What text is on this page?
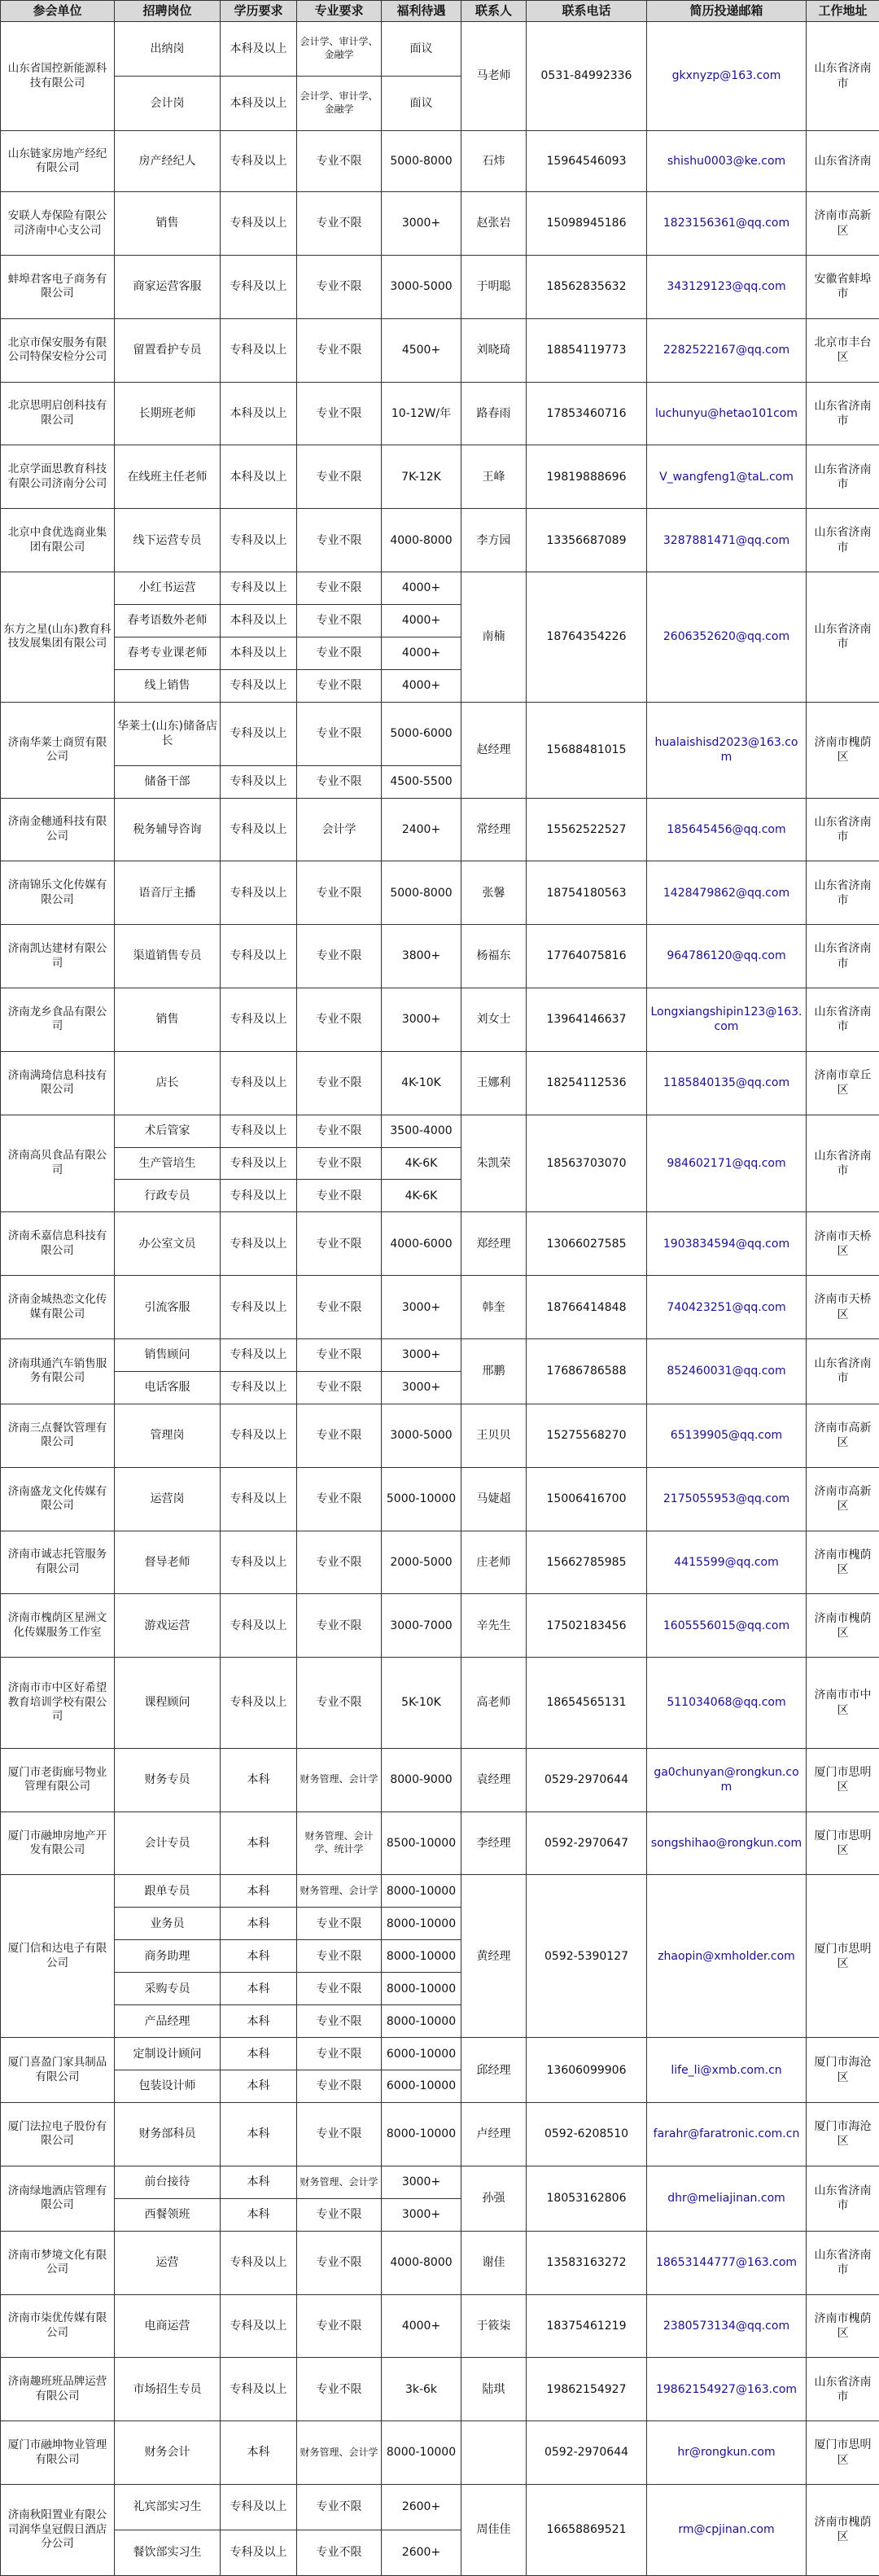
参会单位	招聘岗位	学历要求	专业要求	福利待遇	联系人	联系电话	简历投递邮箱	工作地址
山东省国控新能源科技有限公司	出纳岗	本科及以上	会计学、审计学、金融学	面议	马老师	0531-84992336	gkxnyzp@163.com	山东省济南市
	会计岗	本科及以上	会计学、审计学、金融学	面议				
山东链家房地产经纪有限公司	房产经纪人	专科及以上	专业不限	5000-8000	石炜	15964546093	shishu0003@ke.com	山东省济南
安联人寿保险有限公司济南中心支公司	销售	专科及以上	专业不限	3000+	赵张岩	15098945186	1823156361@qq.com	济南市高新区
蚌埠君客电子商务有限公司	商家运营客服	专科及以上	专业不限	3000-5000	于明聪	18562835632	343129123@qq.com	安徽省蚌埠市
北京市保安服务有限公司特保安检分公司	留置看护专员	专科及以上	专业不限	4500+	刘晓琦	18854119773	2282522167@qq.com	北京市丰台区
北京思明启创科技有限公司	长期班老师	本科及以上	专业不限	10-12W/年	路春雨	17853460716	luchunyu@hetao101com	山东省济南市
北京学面思教育科技有限公司济南分公司	在线班主任老师	本科及以上	专业不限	7K-12K	王峰	19819888696	V_wangfeng1@taL.com	山东省济南市
北京中食优选商业集团有限公司	线下运营专员	专科及以上	专业不限	4000-8000	李方园	13356687089	3287881471@qq.com	山东省济南市
东方之星(山东)教育科技发展集团有限公司	小红书运营	专科及以上	专业不限	4000+	南楠	18764354226	2606352620@qq.com	山东省济南市
	春考语数外老师	本科及以上	专业不限	4000+				
	春考专业课老师	本科及以上	专业不限	4000+				
	线上销售	专科及以上	专业不限	4000+				
济南华莱士商贸有限公司	华莱士(山东)储备店长	专科及以上	专业不限	5000-6000	赵经理	15688481015	hualaishisd2023@163.com	济南市槐荫区
	储备干部	专科及以上	专业不限	4500-5500				
济南金穗通科技有限公司	税务辅导咨询	专科及以上	会计学	2400+	常经理	15562522527	185645456@qq.com	山东省济南市
济南锦乐文化传媒有限公司	语音厅主播	专科及以上	专业不限	5000-8000	张馨	18754180563	1428479862@qq.com	山东省济南市
济南凯达建材有限公司	渠道销售专员	专科及以上	专业不限	3800+	杨福东	17764075816	964786120@qq.com	山东省济南市
济南龙乡食品有限公司	销售	专科及以上	专业不限	3000+	刘女士	13964146637	Longxiangshipin123@163.com	山东省济南市
济南满琦信息科技有限公司	店长	专科及以上	专业不限	4K-10K	王娜利	18254112536	1185840135@qq.com	济南市章丘区
济南高贝食品有限公司	术后管家	专科及以上	专业不限	3500-4000	朱凯荣	18563703070	984602171@qq.com	山东省济南市
	生产管培生	专科及以上	专业不限	4K-6K				
	行政专员	专科及以上	专业不限	4K-6K				
济南禾嘉信息科技有限公司	办公室文员	专科及以上	专业不限	4000-6000	郑经理	13066027585	1903834594@qq.com	济南市天桥区
济南金城热恋文化传媒有限公司	引流客服	专科及以上	专业不限	3000+	韩奎	18766414848	740423251@qq.com	济南市天桥区
济南琪通汽车销售服务有限公司	销售顾问	专科及以上	专业不限	3000+	邢鹏	17686786588	852460031@qq.com	山东省济南市
	电话客服	专科及以上	专业不限	3000+				
济南三点餐饮管理有限公司	管理岗	专科及以上	专业不限	3000-5000	王贝贝	15275568270	65139905@qq.com	济南市高新区
济南盛龙文化传媒有限公司	运营岗	专科及以上	专业不限	5000-10000	马婕超	15006416700	2175055953@qq.com	济南市高新区
济南市诚志托管服务有限公司	督导老师	专科及以上	专业不限	2000-5000	庄老师	15662785985	4415599@qq.com	济南市槐荫区
济南市槐荫区星洲文化传媒服务工作室	游戏运营	专科及以上	专业不限	3000-7000	辛先生	17502183456	1605556015@qq.com	济南市槐荫区
济南市市中区好希望教育培训学校有限公司	课程顾问	专科及以上	专业不限	5K-10K	高老师	18654565131	511034068@qq.com	济南市市中区
厦门市老街廊号物业管理有限公司	财务专员	本科	财务管理、会计学	8000-9000	袁经理	0529-2970644	ga0chunyan@rongkun.com	厦门市思明区
厦门市融坤房地产开发有限公司	会计专员	本科	财务管理、会计学、统计学	8500-10000	李经理	0592-2970647	songshihao@rongkun.com	厦门市思明区
厦门信和达电子有限公司	跟单专员	本科	财务管理、会计学	8000-10000	黄经理	0592-5390127	zhaopin@xmholder.com	厦门市思明区
	业务员	本科	专业不限	8000-10000				
	商务助理	本科	专业不限	8000-10000				
	采购专员	本科	专业不限	8000-10000				
	产品经理	本科	专业不限	8000-10000				
厦门喜盈门家具制品有限公司	定制设计顾问	本科	专业不限	6000-10000	邱经理	13606099906	life_li@xmb.com.cn	厦门市海沧区
	包装设计师	本科	专业不限	6000-10000				
厦门法拉电子股份有限公司	财务部科员	本科	专业不限	8000-10000	卢经理	0592-6208510	farahr@faratronic.com.cn	厦门市海沧区
济南绿地酒店管理有限公司	前台接待	本科	财务管理、会计学	3000+	孙强	18053162806	dhr@meliajinan.com	山东省济南市
	西餐领班	本科	专业不限	3000+				
济南市梦境文化有限公司	运营	专科及以上	专业不限	4000-8000	谢佳	13583163272	18653144777@163.com	山东省济南市
济南市柒优传媒有限公司	电商运营	专科及以上	专业不限	4000+	于筱柒	18375461219	2380573134@qq.com	济南市槐荫区
济南趣班班品牌运营有限公司	市场招生专员	专科及以上	专业不限	3k-6k	陆琪	19862154927	19862154927@163.com	山东省济南市
厦门市融坤物业管理有限公司	财务会计	本科	财务管理、会计学	8000-10000		0592-2970644	hr@rongkun.com	厦门市思明区
济南秋阳置业有限公司润华皇冠假日酒店分公司	礼宾部实习生	专科及以上	专业不限	2600+	周佳佳	16658869521	rm@cpjinan.com	济南市槐荫区
	餐饮部实习生	专科及以上	专业不限	2600+				
